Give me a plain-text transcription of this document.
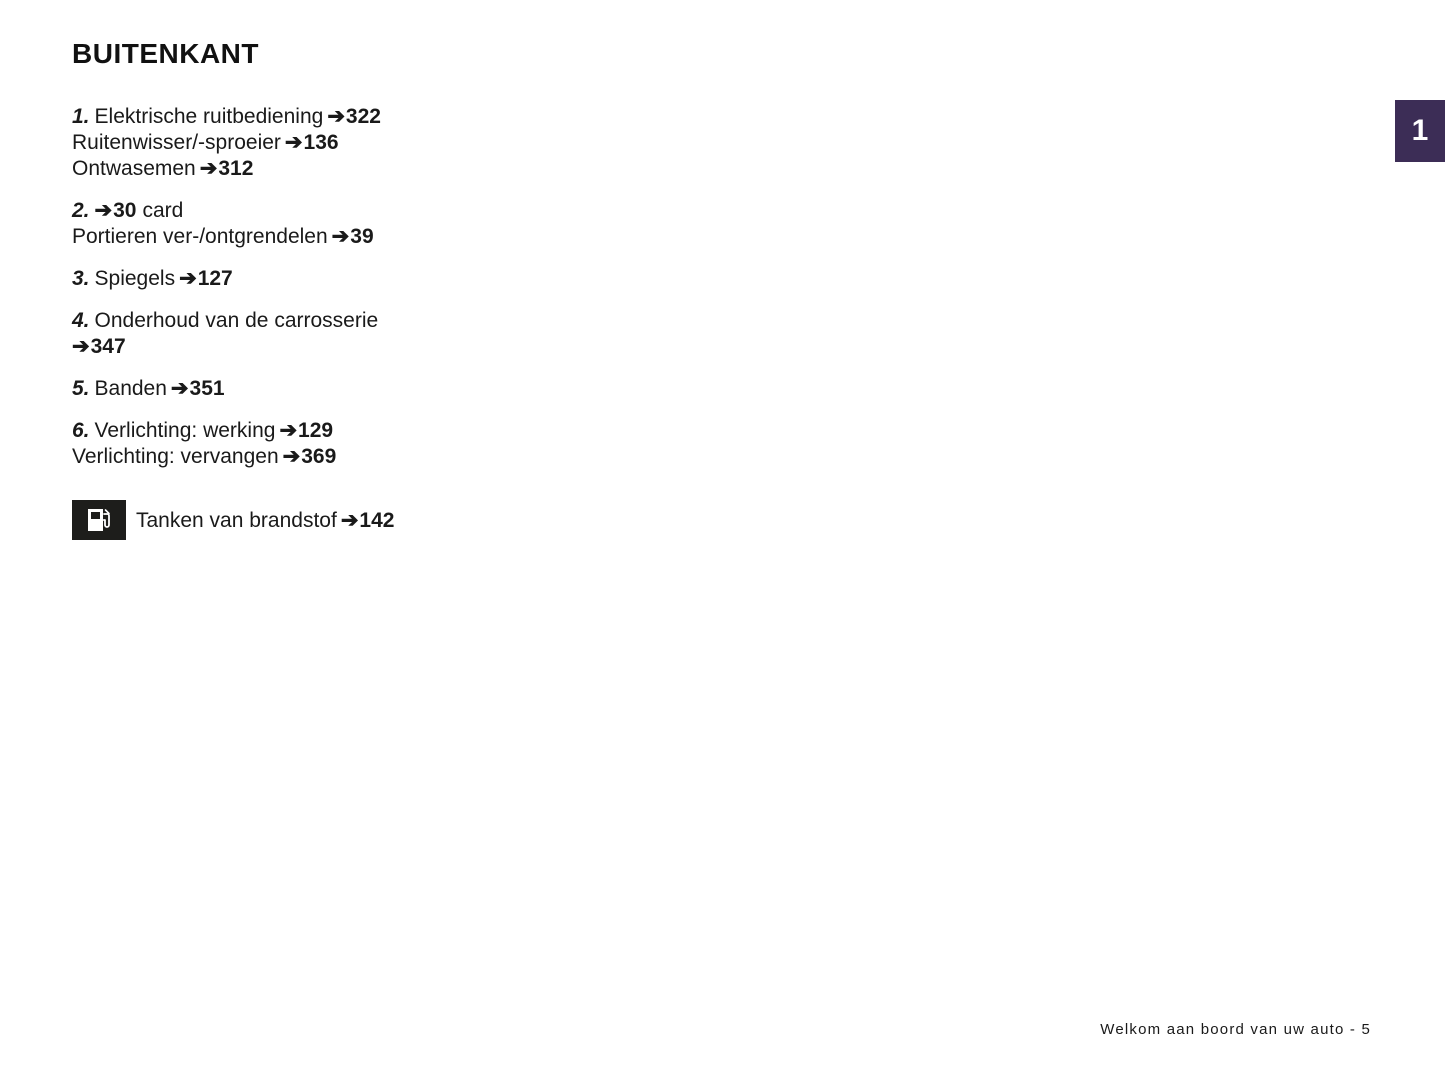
1
BUITENKANT
1. Elektrische ruitbediening ➔322
Ruitenwisser/-sproeier ➔136
Ontwasemen ➔312
2. ➔30 card
Portieren ver-/ontgrendelen ➔39
3. Spiegels ➔127
4. Onderhoud van de carrosserie
➔347
5. Banden ➔351
6. Verlichting: werking ➔129
Verlichting: vervangen ➔369
Tanken van brandstof ➔142
Welkom aan boord van uw auto - 5
